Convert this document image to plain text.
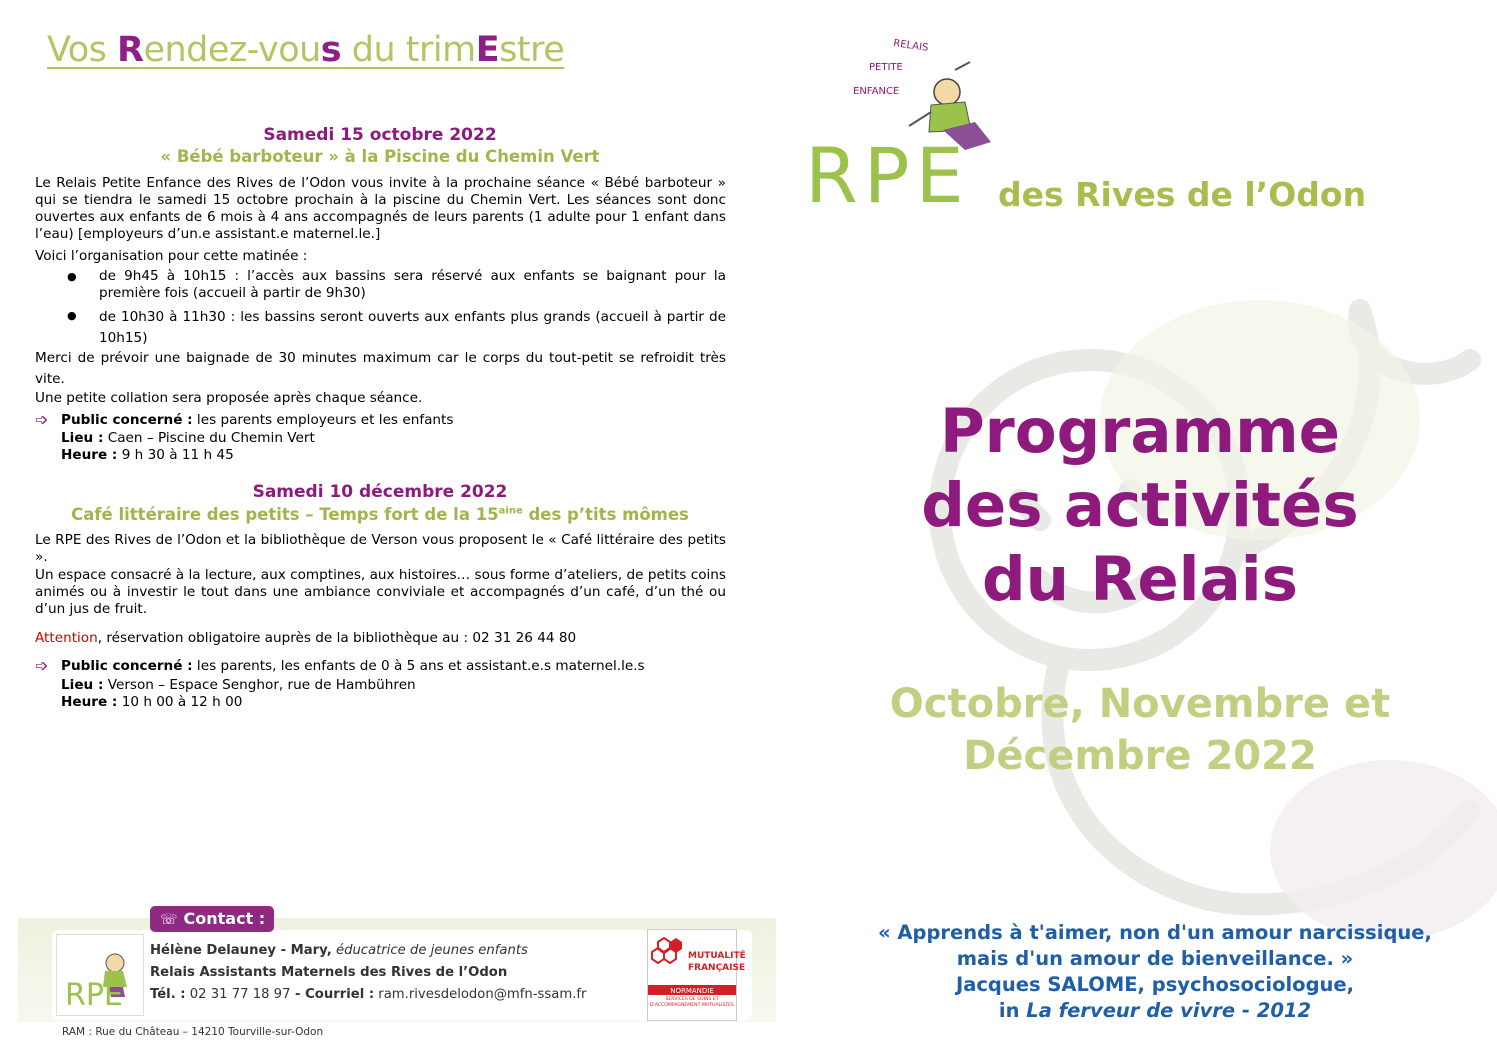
Vos Rendez-vous du trimEstre
Samedi 15 octobre 2022
« Bébé barboteur » à la Piscine du Chemin Vert
Le Relais Petite Enfance des Rives de l’Odon vous invite à la prochaine séance « Bébé barboteur » qui se tiendra le samedi 15 octobre prochain à la piscine du Chemin Vert. Les séances sont donc ouvertes aux enfants de 6 mois à 4 ans accompagnés de leurs parents (1 adulte pour 1 enfant dans l’eau) [employeurs d’un.e assistant.e maternel.le.]
Voici l’organisation pour cette matinée :
● de 9h45 à 10h15 : l’accès aux bassins sera réservé aux enfants se baignant pour la première fois (accueil à partir de 9h30)
● de 10h30 à 11h30 : les bassins seront ouverts aux enfants plus grands (accueil à partir de 10h15)
Merci de prévoir une baignade de 30 minutes maximum car le corps du tout-petit se refroidit très vite.
Une petite collation sera proposée après chaque séance.
➩ Public concerné : les parents employeurs et les enfants
Lieu : Caen – Piscine du Chemin Vert
Heure : 9 h 30 à 11 h 45
Samedi 10 décembre 2022
Café littéraire des petits – Temps fort de la $15^{aine}$ des p’tits mômes
Le RPE des Rives de l’Odon et la bibliothèque de Verson vous proposent le « Café littéraire des petits ».
Un espace consacré à la lecture, aux comptines, aux histoires… sous forme d’ateliers, de petits coins animés ou à investir le tout dans une ambiance conviviale et accompagnés d’un café, d’un thé ou d’un jus de fruit.
Attention, réservation obligatoire auprès de la bibliothèque au : 02 31 26 44 80
➩ Public concerné : les parents, les enfants de 0 à 5 ans et assistant.e.s maternel.le.s
Lieu : Verson – Espace Senghor, rue de Hambühren
Heure : 10 h 00 à 12 h 00
☏ Contact :
RPE
Hélène Delauney - Mary, éducatrice de jeunes enfants
Relais Assistants Maternels des Rives de l’Odon
Tél. : 02 31 77 18 97 - Courriel : ram.rivesdelodon@mfn-ssam.fr
MUTUALITÉ
FRANÇAISE
NORMANDIE
SERVICES DE SOINS ET D'ACCOMPAGNEMENT MUTUALISTES
RAM : Rue du Château – 14210 Tourville-sur-Odon
RELAIS
PETITE
ENFANCE
RPE des Rives de l’Odon
Programme
des activités
du Relais
Octobre, Novembre et
Décembre 2022
« Apprends à t'aimer, non d'un amour narcissique,
mais d'un amour de bienveillance. »
Jacques SALOME, psychosociologue,
in La ferveur de vivre - 2012
